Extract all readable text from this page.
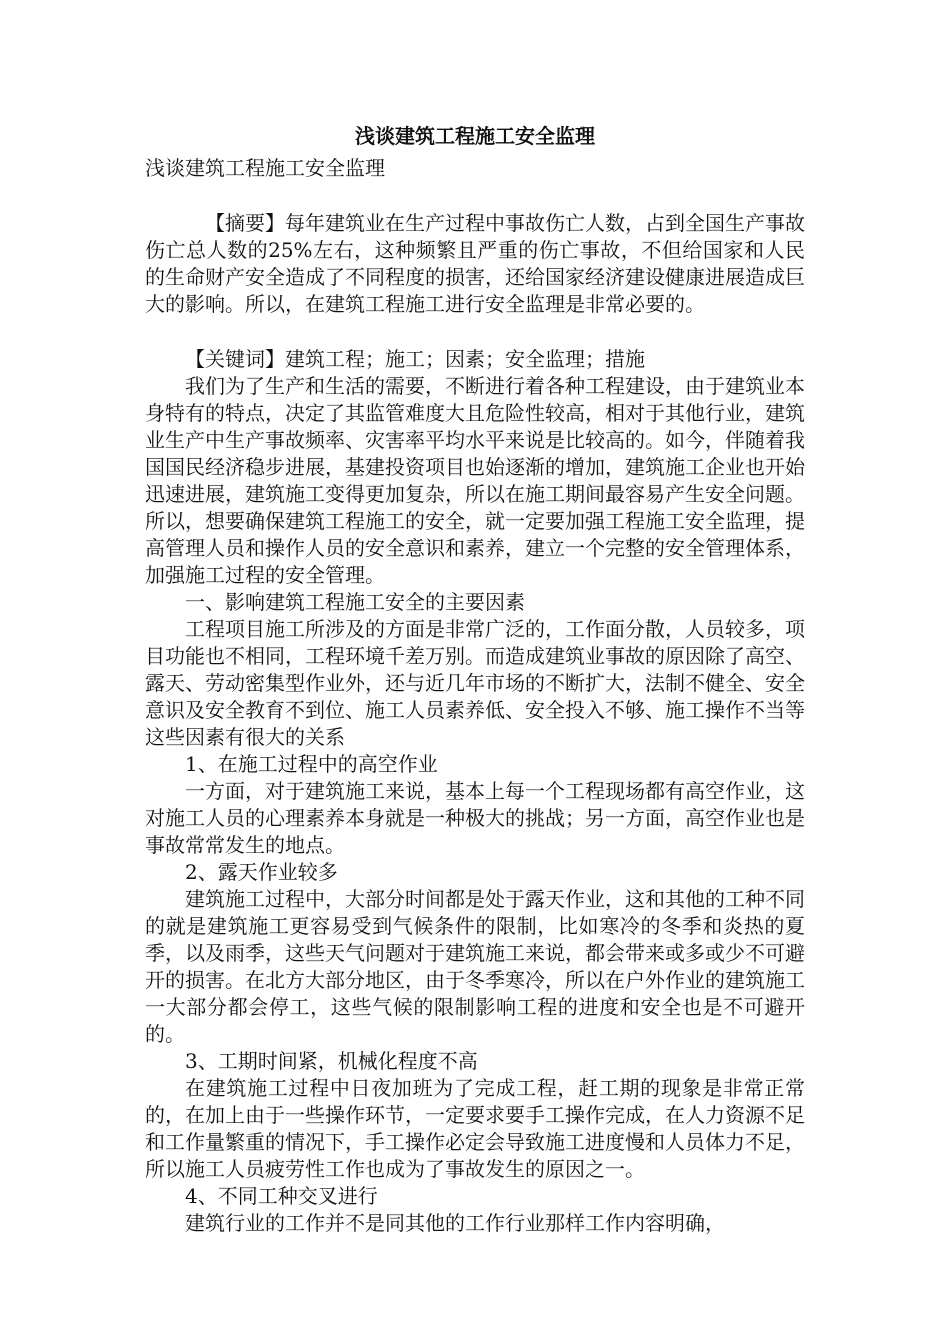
浅谈建筑工程施工安全监理

浅谈建筑工程施工安全监理

【摘要】每年建筑业在生产过程中事故伤亡人数，占到全国生产事故伤亡总人数的25%左右，这种频繁且严重的伤亡事故，不但给国家和人民的生命财产安全造成了不同程度的损害，还给国家经济建设健康进展造成巨大的影响。所以，在建筑工程施工进行安全监理是非常必要的。

【关键词】建筑工程；施工；因素；安全监理；措施

我们为了生产和生活的需要，不断进行着各种工程建设，由于建筑业本身特有的特点，决定了其监管难度大且危险性较高，相对于其他行业，建筑业生产中生产事故频率、灾害率平均水平来说是比较高的。如今，伴随着我国国民经济稳步进展，基建投资项目也始逐渐的增加，建筑施工企业也开始迅速进展，建筑施工变得更加复杂，所以在施工期间最容易产生安全问题。所以，想要确保建筑工程施工的安全，就一定要加强工程施工安全监理，提高管理人员和操作人员的安全意识和素养，建立一个完整的安全管理体系，加强施工过程的安全管理。

一、影响建筑工程施工安全的主要因素

工程项目施工所涉及的方面是非常广泛的，工作面分散，人员较多，项目功能也不相同，工程环境千差万别。而造成建筑业事故的原因除了高空、露天、劳动密集型作业外，还与近几年市场的不断扩大，法制不健全、安全意识及安全教育不到位、施工人员素养低、安全投入不够、施工操作不当等这些因素有很大的关系

1、在施工过程中的高空作业

一方面，对于建筑施工来说，基本上每一个工程现场都有高空作业，这对施工人员的心理素养本身就是一种极大的挑战；另一方面，高空作业也是事故常常发生的地点。

2、露天作业较多

建筑施工过程中，大部分时间都是处于露天作业，这和其他的工种不同的就是建筑施工更容易受到气候条件的限制，比如寒冷的冬季和炎热的夏季，以及雨季，这些天气问题对于建筑施工来说，都会带来或多或少不可避开的损害。在北方大部分地区，由于冬季寒冷，所以在户外作业的建筑施工一大部分都会停工，这些气候的限制影响工程的进度和安全也是不可避开的。

3、工期时间紧，机械化程度不高

在建筑施工过程中日夜加班为了完成工程，赶工期的现象是非常正常的，在加上由于一些操作环节，一定要求要手工操作完成，在人力资源不足和工作量繁重的情况下，手工操作必定会导致施工进度慢和人员体力不足，所以施工人员疲劳性工作也成为了事故发生的原因之一。

4、不同工种交叉进行

建筑行业的工作并不是同其他的工作行业那样工作内容明确，
